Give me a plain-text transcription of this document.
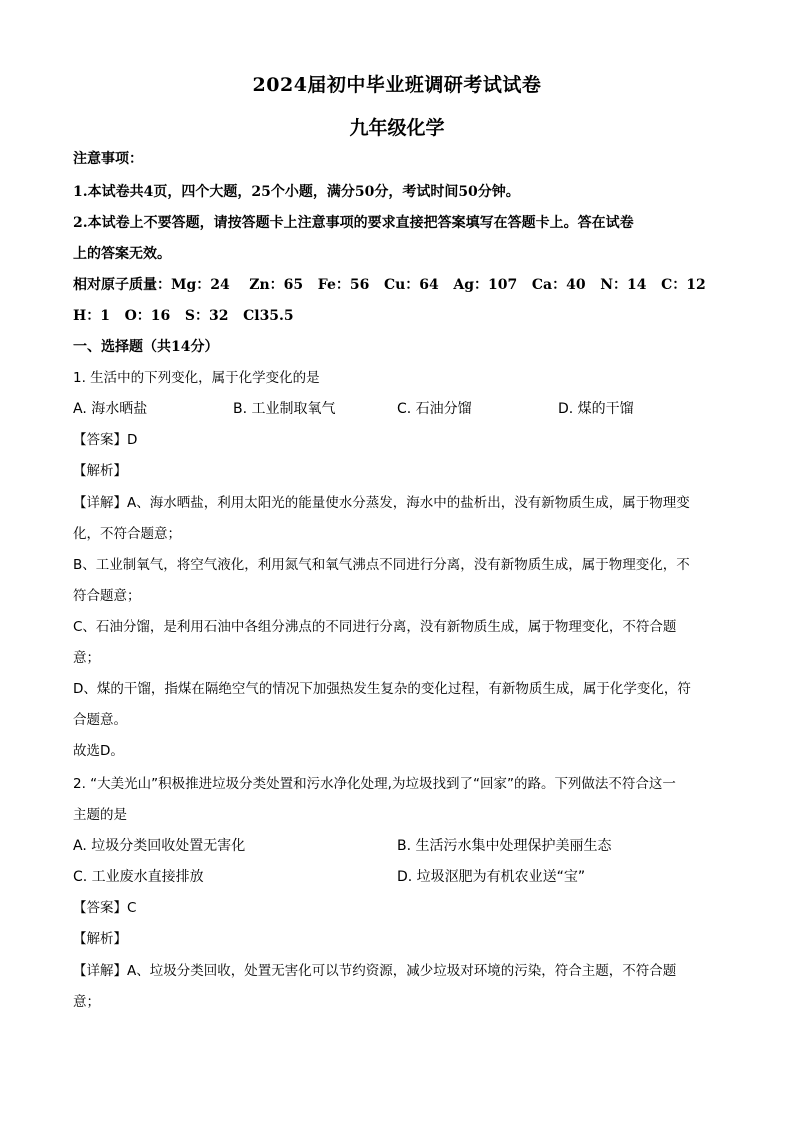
2024届初中毕业班调研考试试卷
九年级化学
注意事项：
1.本试卷共4页，四个大题，25个小题，满分50分，考试时间50分钟。
2.本试卷上不要答题，请按答题卡上注意事项的要求直接把答案填写在答题卡上。答在试卷
上的答案无效。
相对原子质量：Mg：24    Zn：65   Fe：56   Cu：64   Ag：107   Ca：40   N：14   C：12
H：1   O：16   S：32   Cl35.5
一、选择题（共14分）
1. 生活中的下列变化，属于化学变化的是
A. 海水晒盐	B. 工业制取氧气	C. 石油分馏	D. 煤的干馏
【答案】D
【解析】
【详解】A、海水晒盐，利用太阳光的能量使水分蒸发，海水中的盐析出，没有新物质生成，属于物理变
化，不符合题意；
B、工业制氧气，将空气液化，利用氮气和氧气沸点不同进行分离，没有新物质生成，属于物理变化，不
符合题意；
C、石油分馏，是利用石油中各组分沸点的不同进行分离，没有新物质生成，属于物理变化，不符合题
意；
D、煤的干馏，指煤在隔绝空气的情况下加强热发生复杂的变化过程，有新物质生成，属于化学变化，符
合题意。
故选D。
2. “大美光山”积极推进垃圾分类处置和污水净化处理,为垃圾找到了“回家”的路。下列做法不符合这一
主题的是
A. 垃圾分类回收处置无害化	B. 生活污水集中处理保护美丽生态
C. 工业废水直接排放	D. 垃圾沤肥为有机农业送“宝”
【答案】C
【解析】
【详解】A、垃圾分类回收，处置无害化可以节约资源，减少垃圾对环境的污染，符合主题，不符合题
意；
